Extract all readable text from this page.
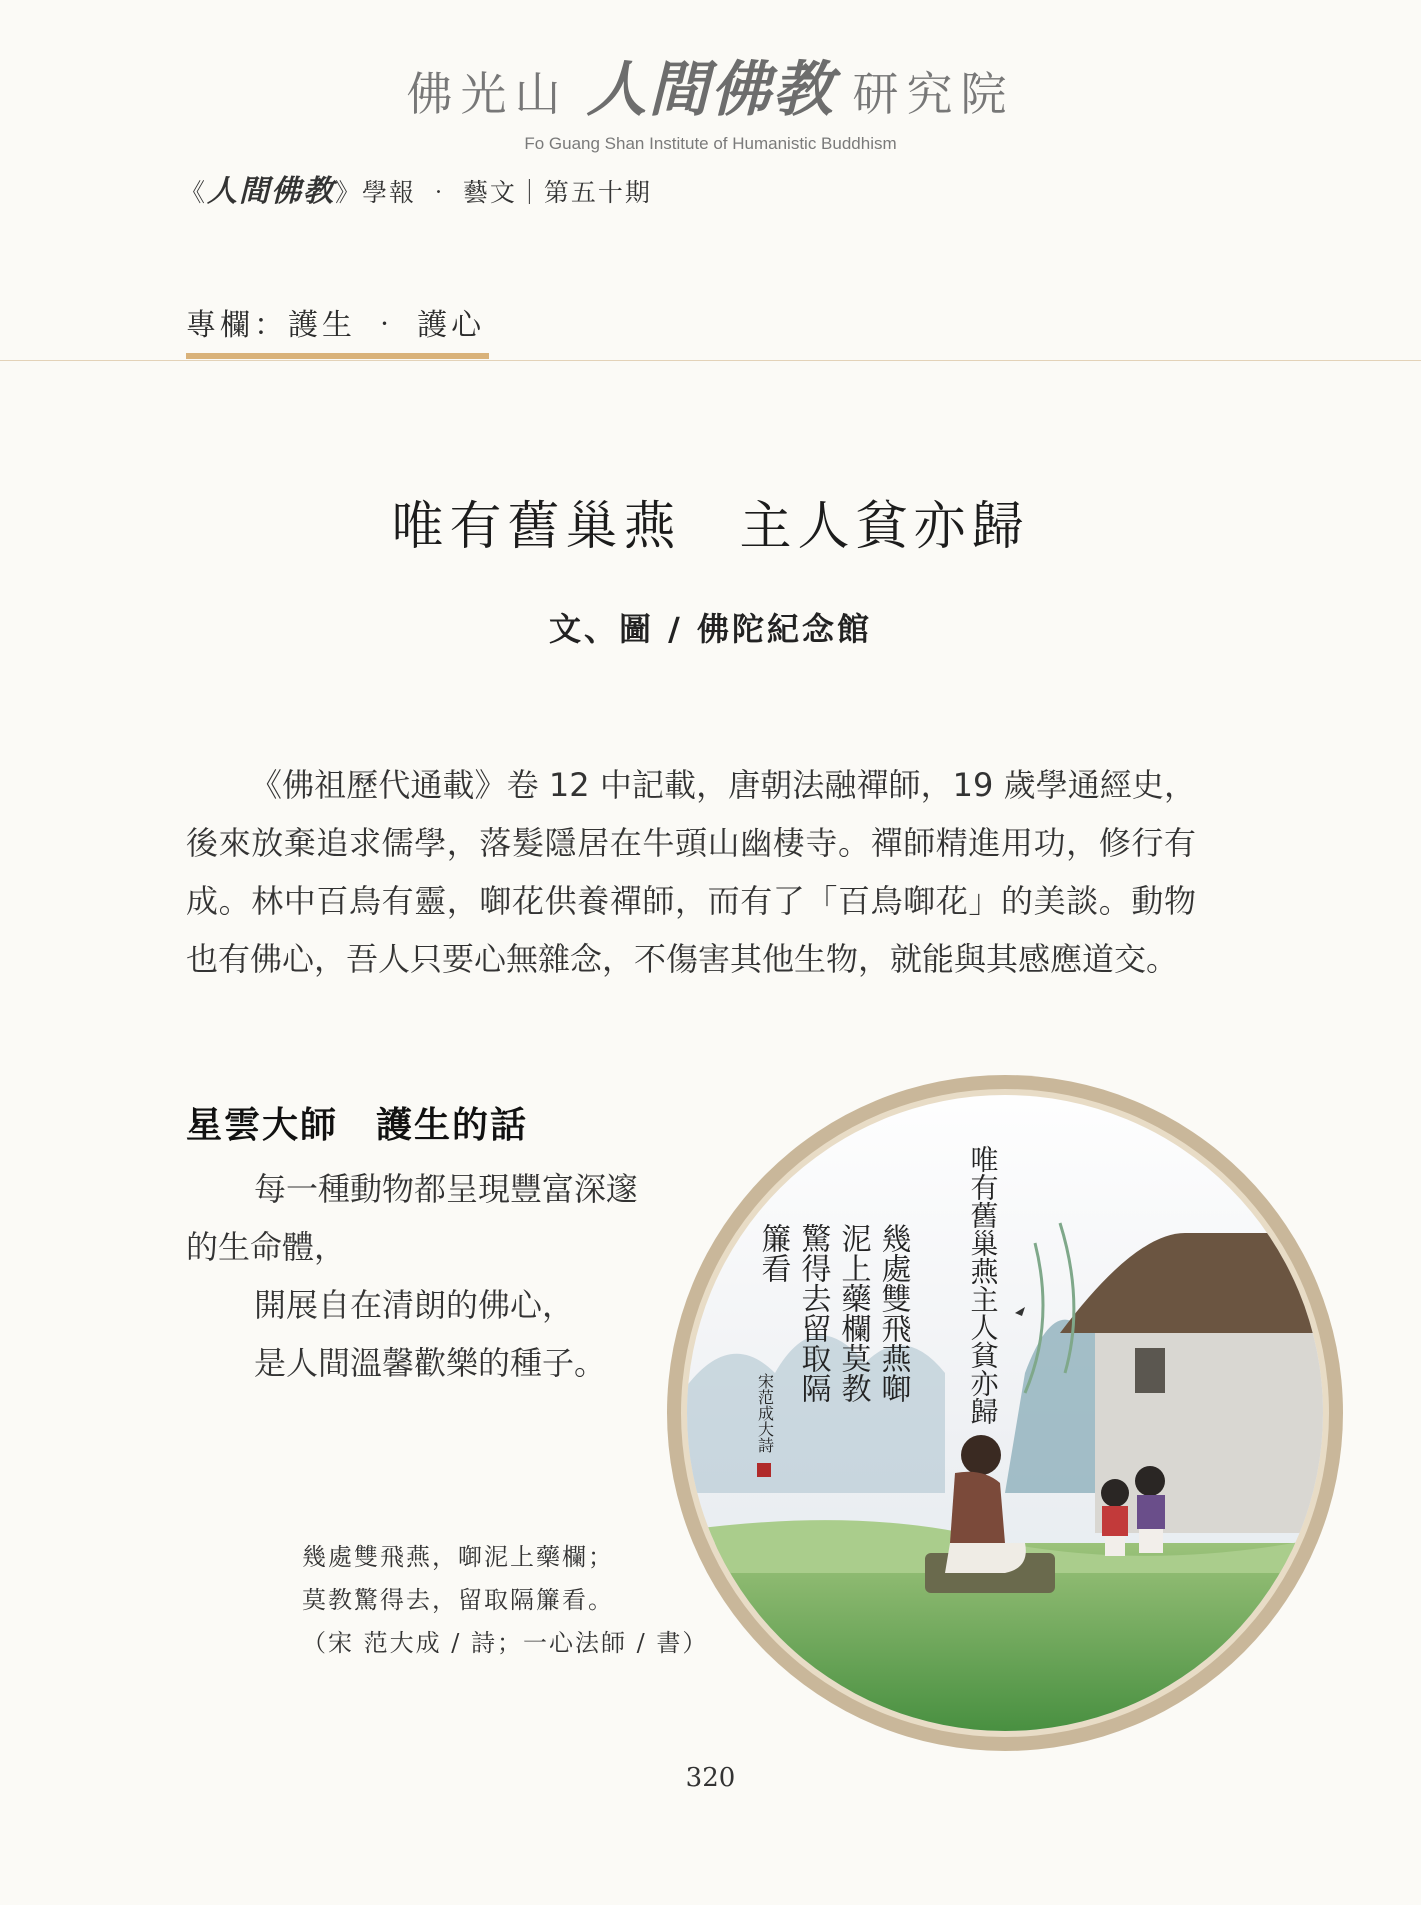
佛光山 人間佛教 研究院
Fo Guang Shan Institute of Humanistic Buddhism
《人間佛教》學報 ‧ 藝文｜第五十期
專欄：護生 ‧ 護心
唯有舊巢燕　主人貧亦歸
文、圖 / 佛陀紀念館

《佛祖歷代通載》卷 12 中記載，唐朝法融禪師，19 歲學通經史，後來放棄追求儒學，落髮隱居在牛頭山幽棲寺。禪師精進用功，修行有成。林中百鳥有靈，啣花供養禪師，而有了「百鳥啣花」的美談。動物也有佛心，吾人只要心無雜念，不傷害其他生物，就能與其感應道交。

星雲大師　護生的話
每一種動物都呈現豐富深邃
的生命體，
開展自在清朗的佛心，
是人間溫馨歡樂的種子。
幾處雙飛燕，啣泥上藥欄；
莫教驚得去，留取隔簾看。
（宋 范大成 / 詩；一心法師 / 書）
唯有舊巢燕主人貧亦歸
幾處雙飛燕啣
泥上藥欄莫教
驚得去留取隔
簾看
宋范成大詩
320
